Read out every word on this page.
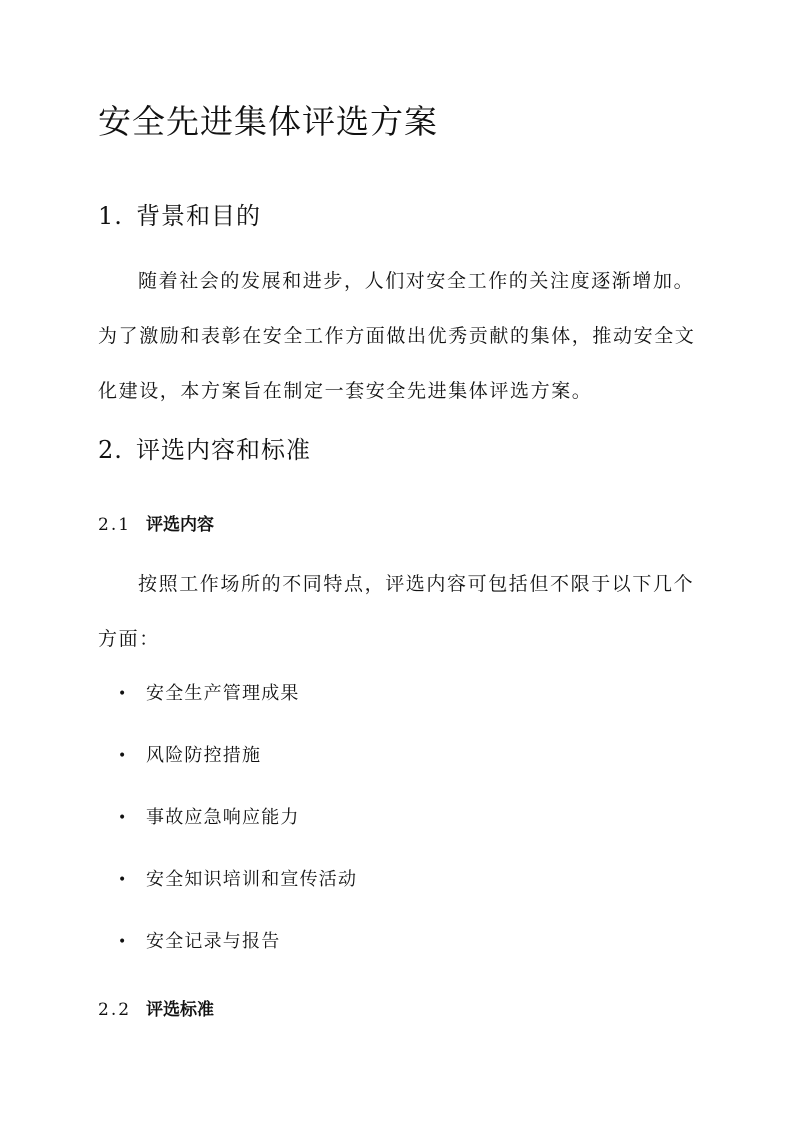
安全先进集体评选方案
1. 背景和目的
随着社会的发展和进步，人们对安全工作的关注度逐渐增加。
为了激励和表彰在安全工作方面做出优秀贡献的集体，推动安全文
化建设，本方案旨在制定一套安全先进集体评选方案。
2. 评选内容和标准
2.1 评选内容
按照工作场所的不同特点，评选内容可包括但不限于以下几个
方面：
• 安全生产管理成果
• 风险防控措施
• 事故应急响应能力
• 安全知识培训和宣传活动
• 安全记录与报告
2.2 评选标准
